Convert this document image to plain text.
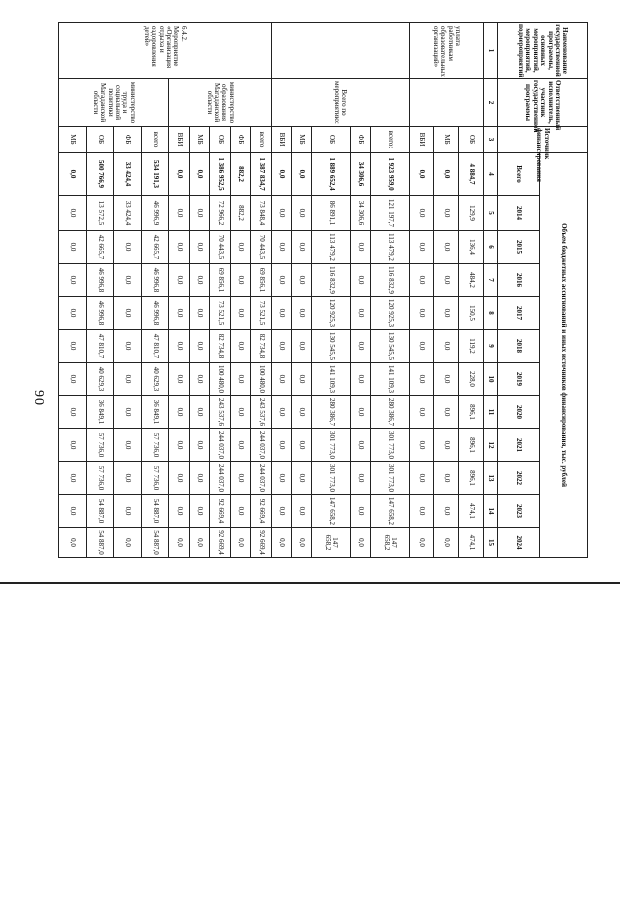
90
Наименование государственной программы, основных мероприятий, мероприятий, подмероприятий	Ответственный исполнитель, участник государственной программы	Источник финансирования	Объем бюджетных ассигнований и иных источников финансирования, тыс. рублей											
			Всего	2014	2015	2016	2017	2018	2019	2020	2021	2022	2023	2024
1	2	3	4	5	6	7	8	9	10	11	12	13	14	15
уплата работникам образовательных организаций»		ОБ	4 884,7	129,9	136,4	484,2	150,5	119,2	228,0	896,1	896,1	896,1	474,1	474,1
		МБ	0,0	0,0	0,0	0,0	0,0	0,0	0,0	0,0	0,0	0,0	0,0	0,0
		ВБИ	0,0	0,0	0,0	0,0	0,0	0,0	0,0	0,0	0,0	0,0	0,0	0,0
	Всего по мероприятию:	всего:	1 923 959,0	121 197,7	113 479,2	116 832,9	120 925,3	130 545,5	141 109,3	280 386,7	301 773,0	301 773,0	147 658,2	147 658,2
		ФБ	34 306,6	34 306,6	0,0	0,0	0,0	0,0	0,0	0,0	0,0	0,0	0,0	0,0
		ОБ	1 889 652,4	86 891,1	113 479,2	116 832,9	120 925,3	130 545,5	141 109,3	280 386,7	301 773,0	301 773,0	147 658,2	147 658,2
		МБ	0,0	0,0	0,0	0,0	0,0	0,0	0,0	0,0	0,0	0,0	0,0	0,0
		ВБИ	0,0	0,0	0,0	0,0	0,0	0,0	0,0	0,0	0,0	0,0	0,0	0,0
6.4.2. Мероприятие «Организация отдыха и оздоровления детей»	министерство образования Магаданской области	всего	1 387 834,7	73 848,4	70 443,5	69 856,1	73 521,5	82 734,8	100 480,0	243 537,6	244 037,0	244 037,0	92 669,4	92 669,4
		ФБ	882,2	882,2	0,0	0,0	0,0	0,0	0,0	0,0	0,0	0,0	0,0	0,0
		ОБ	1 386 952,5	72 966,2	70 443,5	69 856,1	73 521,5	82 734,8	100 480,0	243 537,6	244 037,0	244 037,0	92 669,4	92 669,4
		МБ	0,0	0,0	0,0	0,0	0,0	0,0	0,0	0,0	0,0	0,0	0,0	0,0
		ВБИ	0,0	0,0	0,0	0,0	0,0	0,0	0,0	0,0	0,0	0,0	0,0	0,0
	министерство труда и социальной политики Магаданской области	всего	534 191,3	46 996,9	42 665,7	46 996,8	46 996,8	47 810,7	40 629,3	36 849,1	57 736,0	57 736,0	54 887,0	54 887,0
		ФБ	33 424,4	33 424,4	0,0	0,0	0,0	0,0	0,0	0,0	0,0	0,0	0,0	0,0
		ОБ	500 766,9	13 572,5	42 665,7	46 996,8	46 996,8	47 810,7	40 629,3	36 849,1	57 736,0	57 736,0	54 887,0	54 887,0
		МБ	0,0	0,0	0,0	0,0	0,0	0,0	0,0	0,0	0,0	0,0	0,0	0,0
